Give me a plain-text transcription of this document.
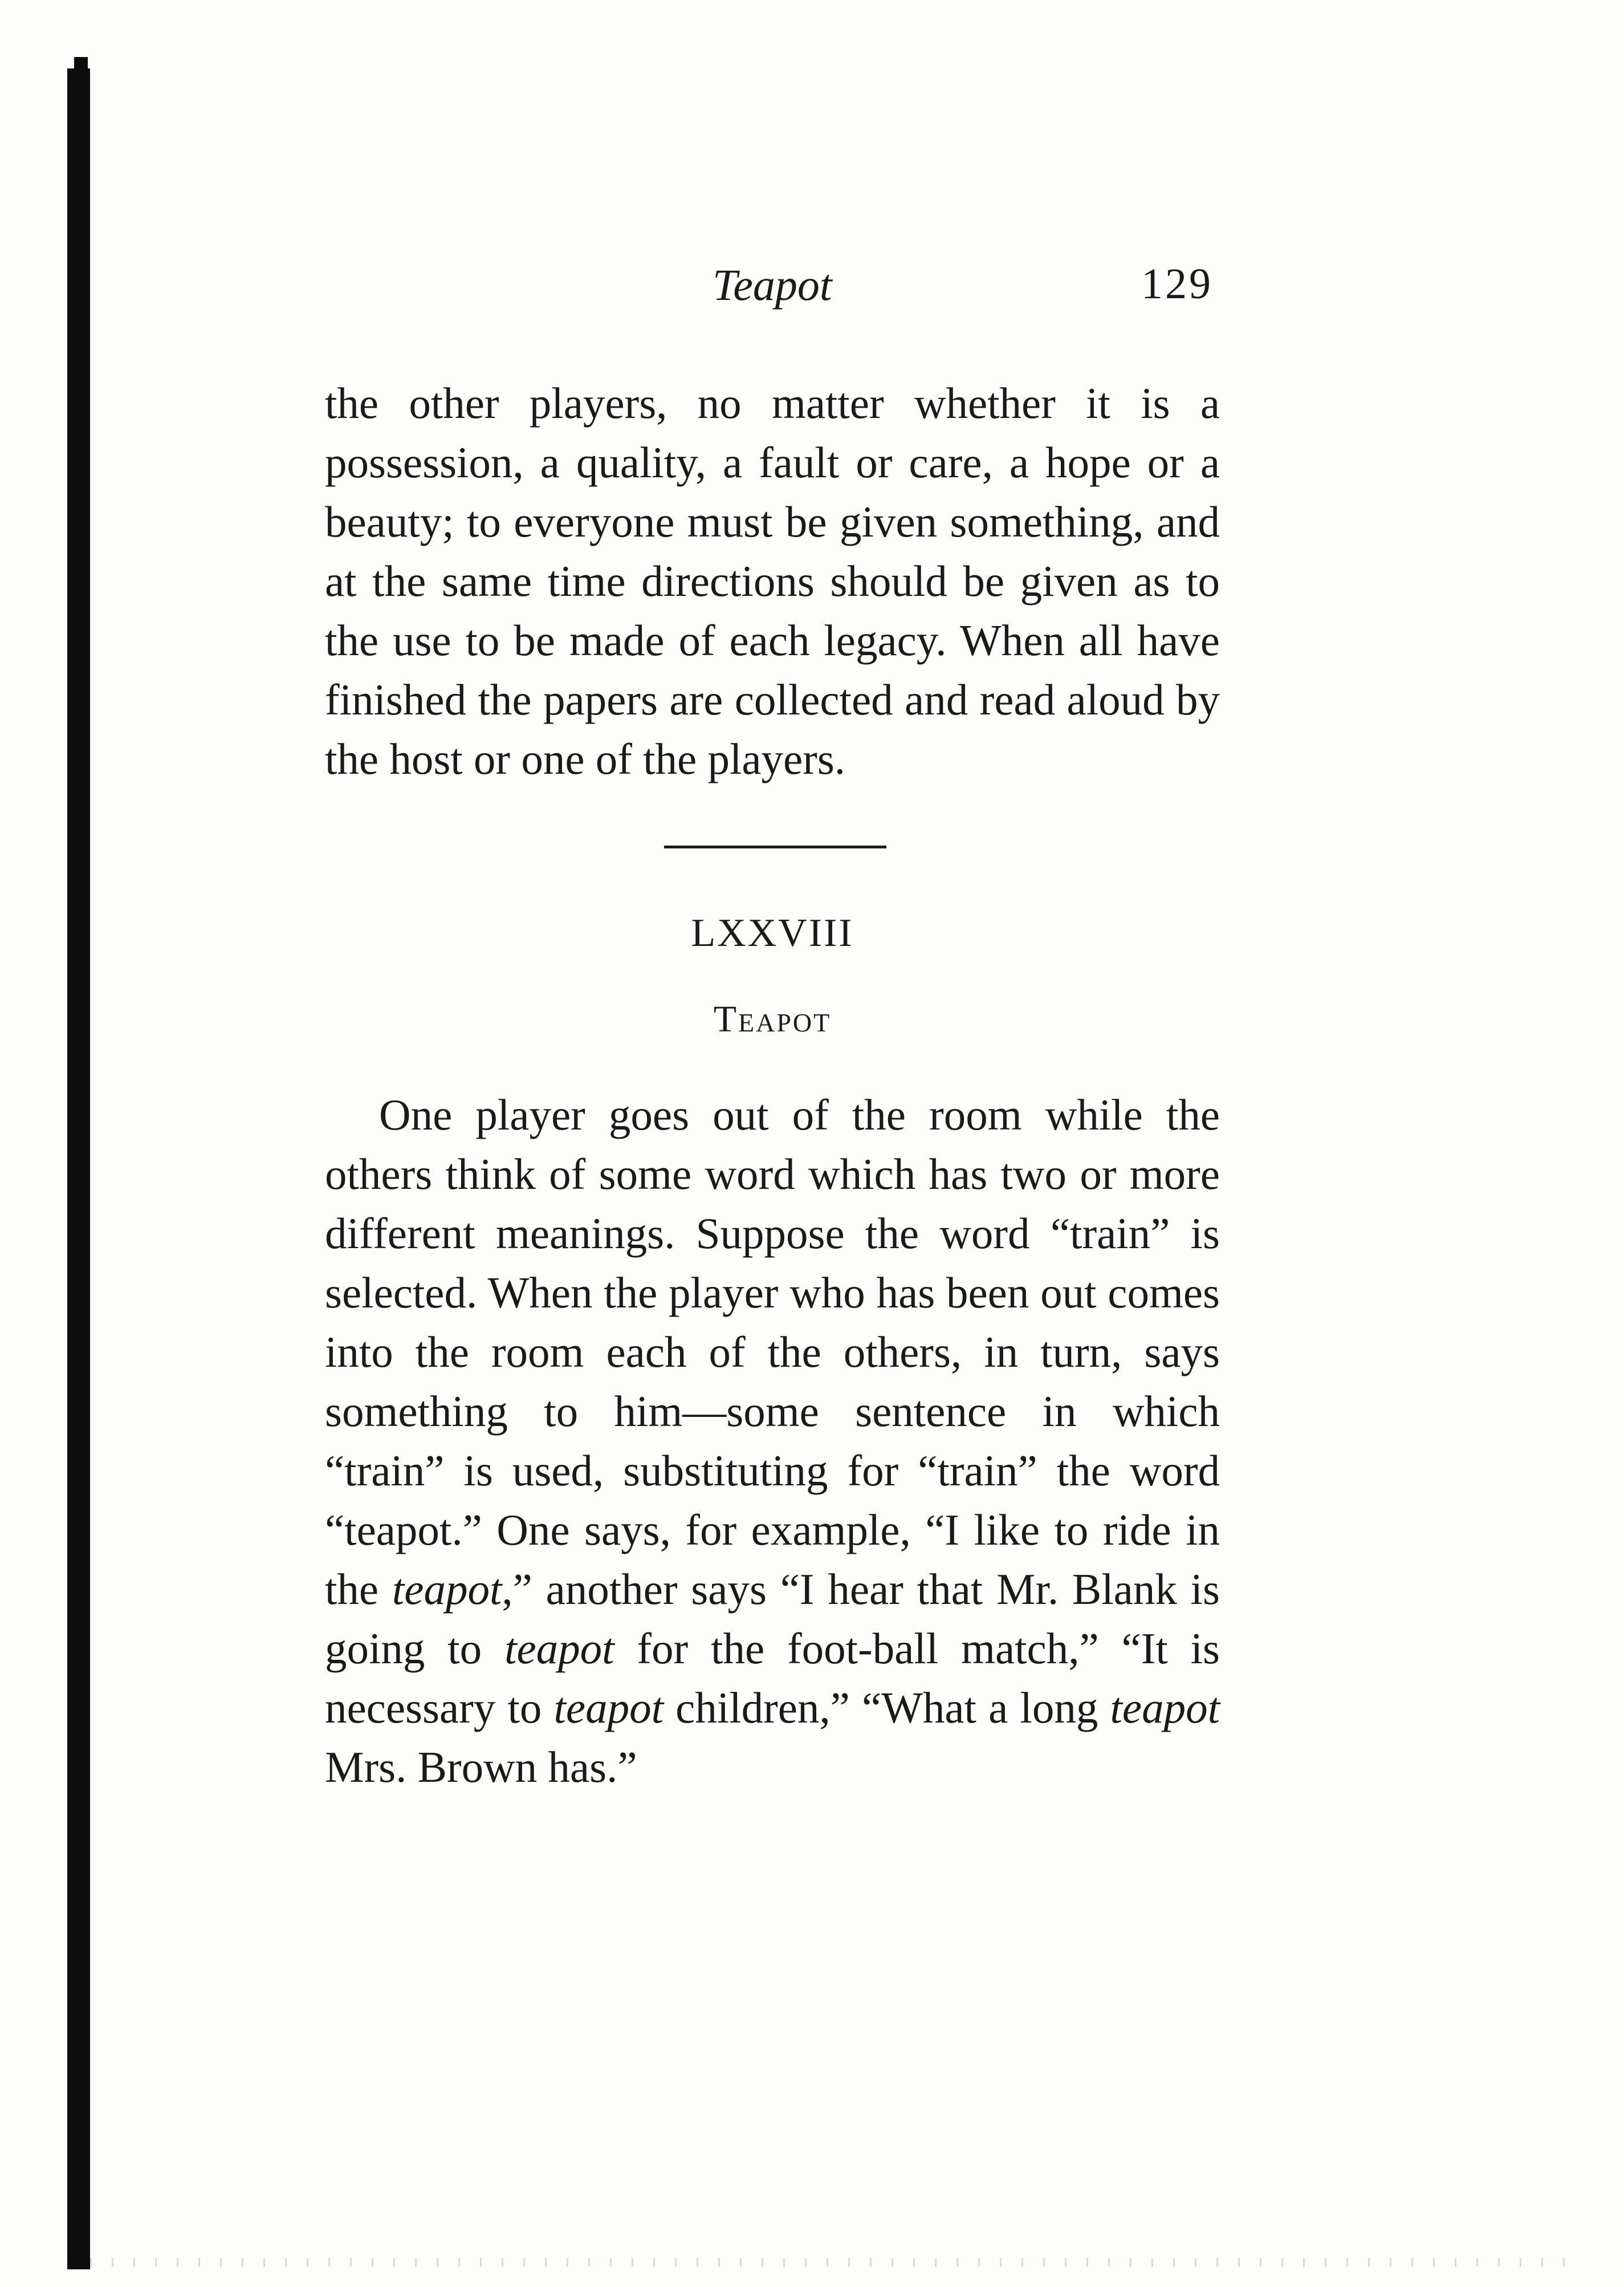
Teapot	129
the other players, no matter whether it is a possession, a quality, a fault or care, a hope or a beauty; to everyone must be given something, and at the same time directions should be given as to the use to be made of each legacy. When all have finished the papers are collected and read aloud by the host or one of the players.
LXXVIII
Teapot
One player goes out of the room while the others think of some word which has two or more different meanings. Suppose the word “train” is selected. When the player who has been out comes into the room each of the others, in turn, says something to him—some sentence in which “train” is used, substituting for “train” the word “teapot.” One says, for example, “I like to ride in the teapot,” another says “I hear that Mr. Blank is going to teapot for the foot-ball match,” “It is necessary to teapot children,” “What a long teapot Mrs. Brown has.”
